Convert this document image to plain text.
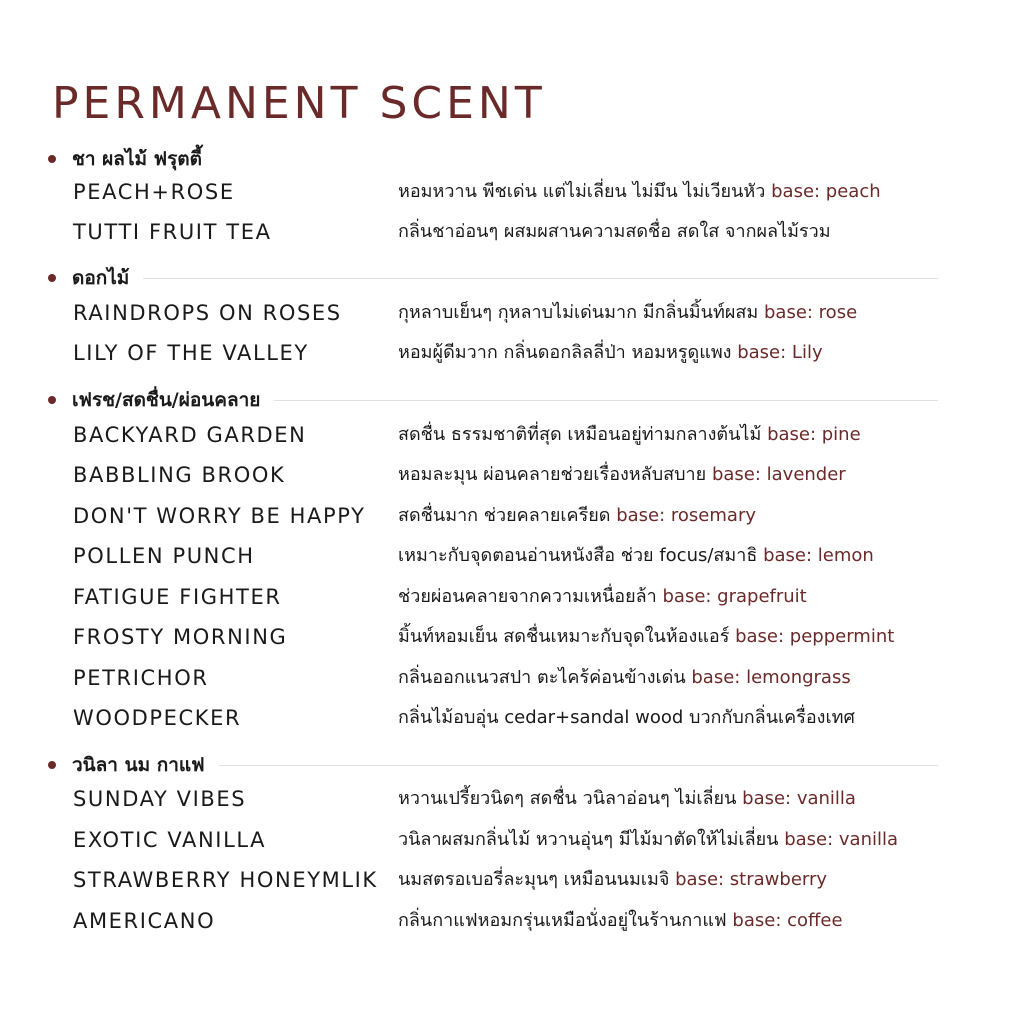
PERMANENT SCENT
ชา ผลไม้ ฟรุตตี้
PEACH+ROSE	หอมหวาน พีชเด่น แต่ไม่เลี่ยน ไม่มึน ไม่เวียนหัว base: peach
TUTTI FRUIT TEA	กลิ่นชาอ่อนๆ ผสมผสานความสดชื่อ สดใส จากผลไม้รวม
ดอกไม้
RAINDROPS ON ROSES	กุหลาบเย็นๆ กุหลาบไม่เด่นมาก มีกลิ่นมิ้นท์ผสม base: rose
LILY OF THE VALLEY	หอมผู้ดีมวาก กลิ่นดอกลิลลี่ป่า หอมหรูดูแพง base: Lily
เฟรช/สดชื่น/ผ่อนคลาย
BACKYARD GARDEN	สดชื่น ธรรมชาติที่สุด เหมือนอยู่ท่ามกลางต้นไม้ base: pine
BABBLING BROOK	หอมละมุน ผ่อนคลายช่วยเรื่องหลับสบาย base: lavender
DON'T WORRY BE HAPPY สดชื่นมาก ช่วยคลายเครียด base: rosemary
POLLEN PUNCH	เหมาะกับจุดตอนอ่านหนังสือ ช่วย focus/สมาธิ base: lemon
FATIGUE FIGHTER	ช่วยผ่อนคลายจากความเหนื่อยล้า base: grapefruit
FROSTY MORNING	มิ้นท์หอมเย็น สดชื่นเหมาะกับจุดในห้องแอร์ base: peppermint
PETRICHOR	กลิ่นออกแนวสปา ตะไคร้ค่อนข้างเด่น base: lemongrass
WOODPECKER	กลิ่นไม้อบอุ่น cedar+sandal wood บวกกับกลิ่นเครื่องเทศ
วนิลา นม กาแฟ
SUNDAY VIBES	หวานเปรี้ยวนิดๆ สดชื่น วนิลาอ่อนๆ ไม่เลี่ยน base: vanilla
EXOTIC VANILLA	วนิลาผสมกลิ่นไม้ หวานอุ่นๆ มีไม้มาตัดให้ไม่เลี่ยน base: vanilla
STRAWBERRY HONEYMLIK นมสตรอเบอรี่ละมุนๆ เหมือนนมเมจิ base: strawberry
AMERICANO	กลิ่นกาแฟหอมกรุ่นเหมือนั่งอยู่ในร้านกาแฟ base: coffee
